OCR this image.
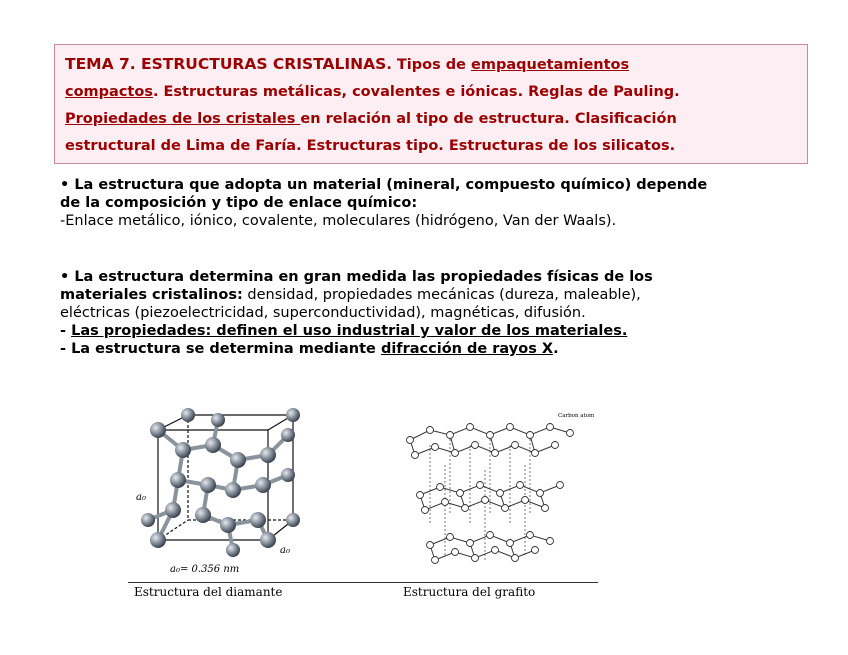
TEMA 7. ESTRUCTURAS CRISTALINAS. Tipos de empaquetamientos
compactos. Estructuras metálicas, covalentes e iónicas. Reglas de Pauling.
Propiedades de los cristales en relación al tipo de estructura. Clasificación
estructural de Lima de Faría. Estructuras tipo. Estructuras de los silicatos.
• La estructura que adopta un material (mineral, compuesto químico) depende
de la composición y tipo de enlace químico:
-Enlace metálico, iónico, covalente, moleculares (hidrógeno, Van der Waals).
• La estructura determina en gran medida las propiedades físicas de los
materiales cristalinos: densidad, propiedades mecánicas (dureza, maleable),
eléctricas (piezoelectricidad, superconductividad), magnéticas, difusión.
- Las propiedades: definen el uso industrial y valor de los materiales.
- La estructura se determina mediante difracción de rayos X.
a₀
a₀
a₀= 0.356 nm
Carbon atom
Estructura del diamante	Estructura del grafito
